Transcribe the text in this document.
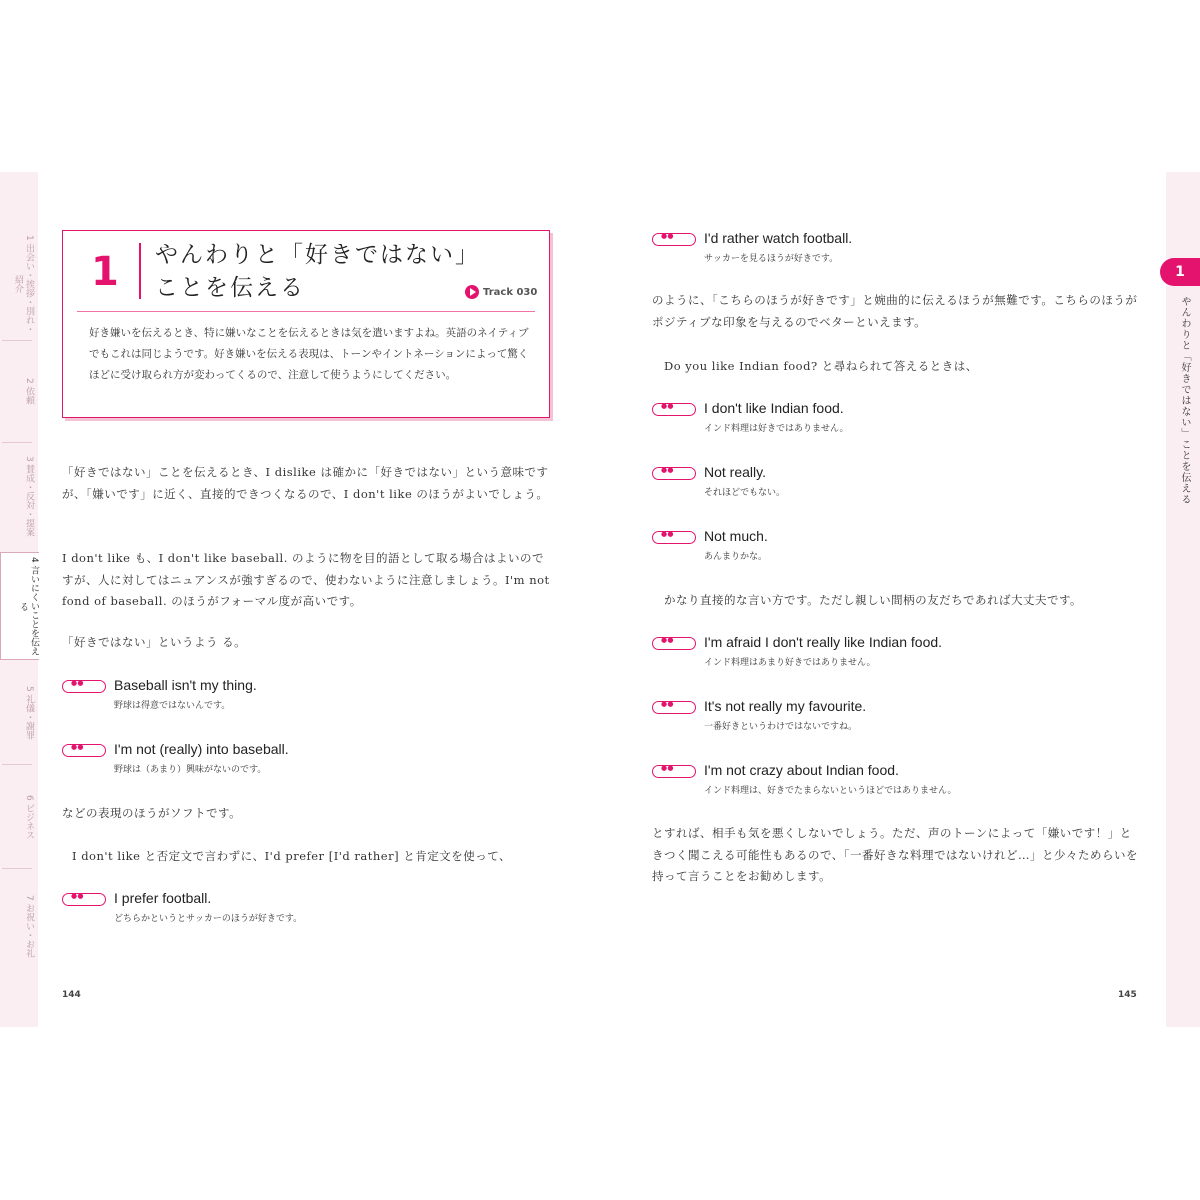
1 出会い・挨拶・別れ・紹介
2 依頼
3 賛成・反対・提案
4 言いにくいことを伝える
5 礼儀・謝罪
6 ビジネス
7 お祝い・お礼
1
やんわりと「好きではない」ことを伝える
1 やんわりと「好きではない」
ことを伝える	Track 030
好き嫌いを伝えるとき、特に嫌いなことを伝えるときは気を遣いますよね。英語のネイティブでもこれは同じようです。好き嫌いを伝える表現は、トーンやイントネーションによって驚くほどに受け取られ方が変わってくるので、注意して使うようにしてください。
「好きではない」ことを伝えるとき、I dislike は確かに「好きではない」という意味ですが、「嫌いです」に近く、直接的できつくなるので、I don't like のほうがよいでしょう。
I don't like も、I don't like baseball. のように物を目的語として取る場合はよいのですが、人に対してはニュアンスが強すぎるので、使わないように注意しましょう。I'm not fond of baseball. のほうがフォーマル度が高いです。
「好きではない」というよう る。
● ●
Baseball isn't my thing.
野球は得意ではないんです。
● ●
I'm not (really) into baseball.
野球は（あまり）興味がないのです。
などの表現のほうがソフトです。
I don't like と否定文で言わずに、I'd prefer [I'd rather] と肯定文を使って、
● ●
I prefer football.
どちらかというとサッカーのほうが好きです。
144
● ●
I'd rather watch football.
サッカーを見るほうが好きです。
のように、「こちらのほうが好きです」と婉曲的に伝えるほうが無難です。こちらのほうがポジティブな印象を与えるのでベターといえます。
Do you like Indian food? と尋ねられて答えるときは、
● ●
I don't like Indian food.
インド料理は好きではありません。
● ●
Not really.
それほどでもない。
● ●
Not much.
あんまりかな。
かなり直接的な言い方です。ただし親しい間柄の友だちであれば大丈夫です。
● ●
I'm afraid I don't really like Indian food.
インド料理はあまり好きではありません。
● ●
It's not really my favourite.
一番好きというわけではないですね。
● ●
I'm not crazy about Indian food.
インド料理は、好きでたまらないというほどではありません。
とすれば、相手も気を悪くしないでしょう。ただ、声のトーンによって「嫌いです！」ときつく聞こえる可能性もあるので、「一番好きな料理ではないけれど…」と少々ためらいを持って言うことをお勧めします。
145
